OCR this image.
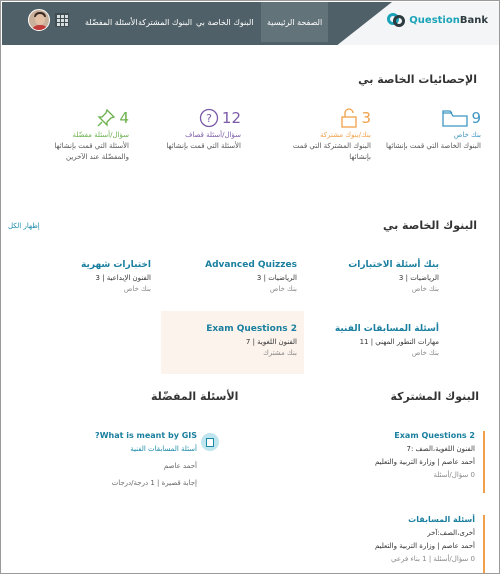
الأسئلة المفضّلة البنوك المشتركة البنوك الخاصة بي	الصفحة الرئيسية	QuestionBank
الإحصائيات الخاصة بي
9
بنك خاص
البنوك الخاصة التي قمت بإنشائها
3
بنك/بنوك مشتركة
البنوك المشتركة التي قمت بإنشائها
12
?
سؤال/أسئلة قصاف
الأسئلة التي قمت بإنشائها
4
سؤال/أسئلة مفضّلة
الأسئلة التي قمت بإنشائها والمفضّلة عند الآخرين
البنوك الخاصة بي
إظهار الكل
بنك أسئلة الاختبارات
الرياضيات | 3
بنك خاص
Advanced Quizzes
الرياضيات | 3
بنك خاص
اختبارات شهرية
الفنون الإبداعية | 3
بنك خاص
أسئلة المسابقات الفنية
مهارات التطور المهني | 11
بنك خاص
Exam Questions 2
الفنون اللغوية | 7
بنك مشترك
البنوك المشتركة
Exam Questions 2
الفنون اللغوية،الصف :7
أحمد عاصم | وزارة التربية والتعليم
0 سؤال/أسئلة
أسئلة المسابقات
أخرى،الصف:آخر
أحمد عاصم | وزارة التربية والتعليم
0 سؤال/أسئلة | 1 بناء فرعي
الأسئلة المفضّلة
What is meant by GIS?
أسئلة المسابقات الفنية
أحمد عاصم
إجابة قصيرة | 1 درجة/درجات
